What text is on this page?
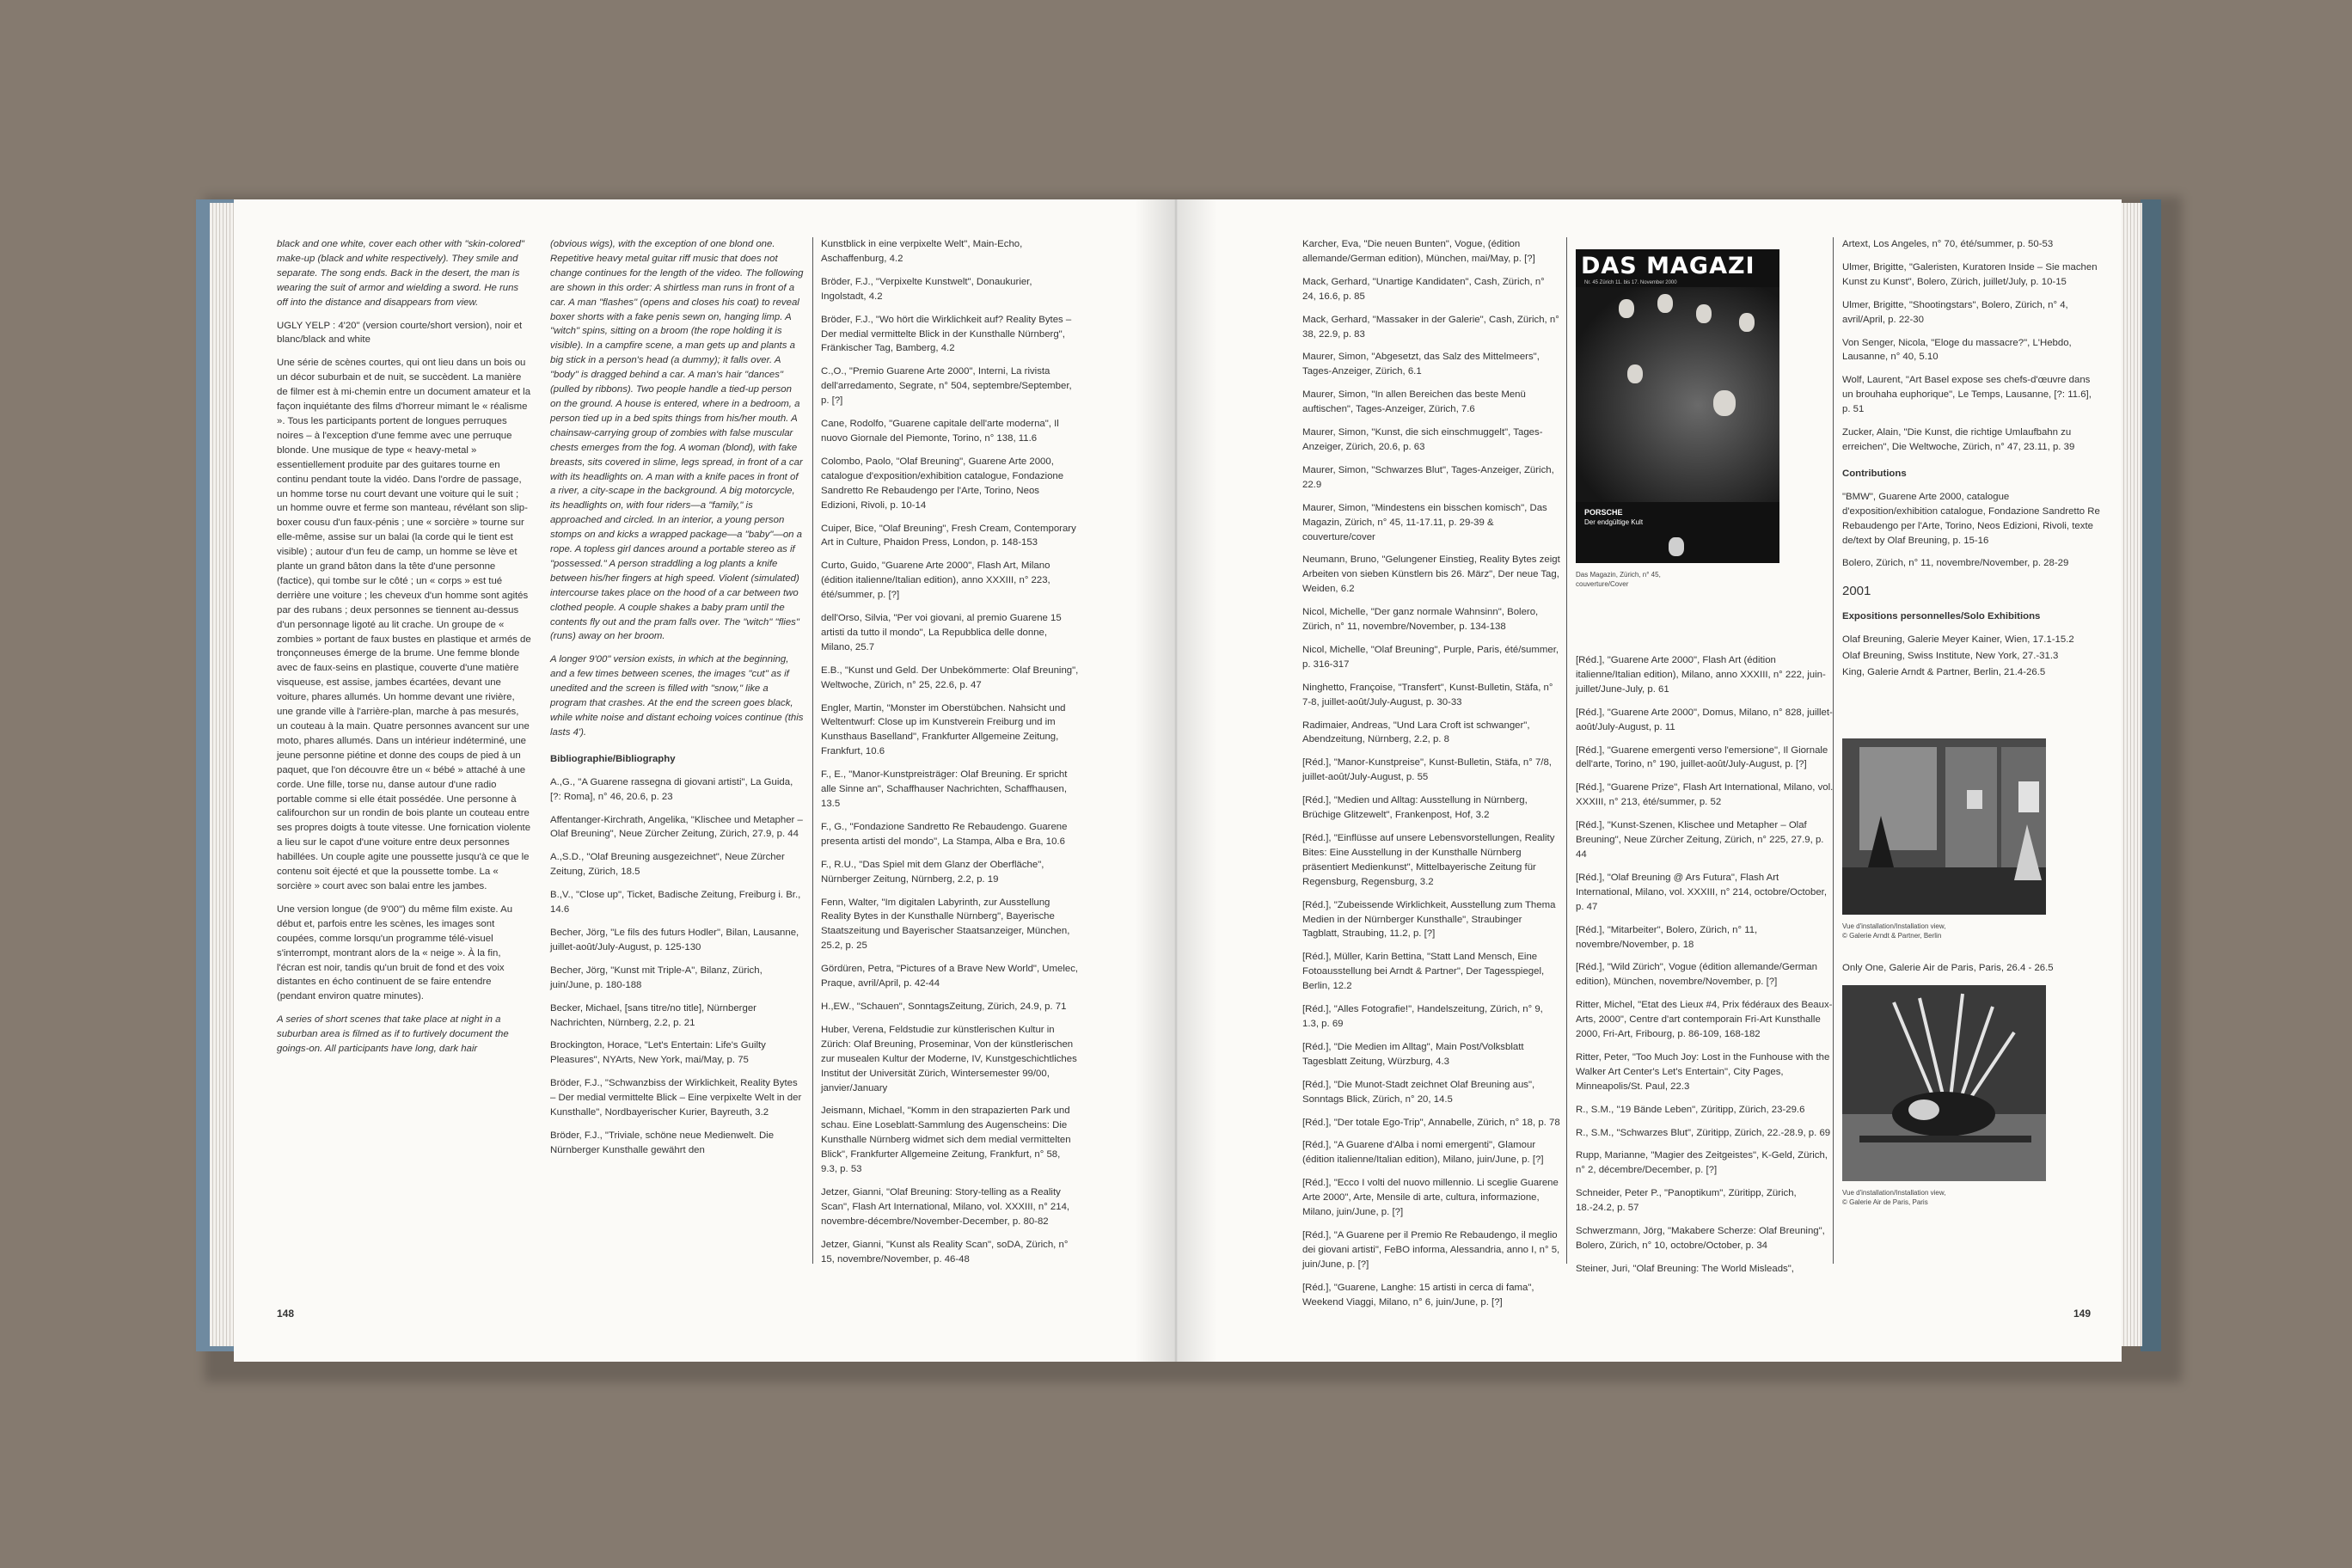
black and one white, cover each other with "skin-colored" make-up (black and white respectively). They smile and separate. The song ends. Back in the desert, the man is wearing the suit of armor and wielding a sword. He runs off into the distance and disappears from view.

UGLY YELP : 4'20" (version courte/short version), noir et blanc/black and white

Une série de scènes courtes, qui ont lieu dans un bois ou un décor suburbain et de nuit, se succèdent. La manière de filmer est à mi-chemin entre un document amateur et la façon inquiétante des films d'horreur mimant le « réalisme ». Tous les participants portent de longues perruques noires – à l'exception d'une femme avec une perruque blonde. Une musique de type « heavy-metal » essentiellement produite par des guitares tourne en continu pendant toute la vidéo. Dans l'ordre de passage, un homme torse nu court devant une voiture qui le suit ; un homme ouvre et ferme son manteau, révélant son slip-boxer cousu d'un faux-pénis ; une « sorcière » tourne sur elle-même, assise sur un balai (la corde qui le tient est visible) ; autour d'un feu de camp, un homme se lève et plante un grand bâton dans la tête d'une personne (factice), qui tombe sur le côté ; un « corps » est tué derrière une voiture ; les cheveux d'un homme sont agités par des rubans ; deux personnes se tiennent au-dessus d'un personnage ligoté au lit crache. Un groupe de « zombies » portant de faux bustes en plastique et armés de tronçonneuses émerge de la brume. Une femme blonde avec de faux-seins en plastique, couverte d'une matière visqueuse, est assise, jambes écartées, devant une voiture, phares allumés. Un homme devant une rivière, une grande ville à l'arrière-plan, marche à pas mesurés, un couteau à la main. Quatre personnes avancent sur une moto, phares allumés. Dans un intérieur indéterminé, une jeune personne piétine et donne des coups de pied à un paquet, que l'on découvre être un « bébé » attaché à une corde. Une fille, torse nu, danse autour d'une radio portable comme si elle était possédée. Une personne à califourchon sur un rondin de bois plante un couteau entre ses propres doigts à toute vitesse. Une fornication violente a lieu sur le capot d'une voiture entre deux personnes habillées. Un couple agite une poussette jusqu'à ce que le contenu soit éjecté et que la poussette tombe. La « sorcière » court avec son balai entre les jambes.

Une version longue (de 9'00") du même film existe. Au début et, parfois entre les scènes, les images sont coupées, comme lorsqu'un programme télé-visuel s'interrompt, montrant alors de la « neige ». À la fin, l'écran est noir, tandis qu'un bruit de fond et des voix distantes en écho continuent de se faire entendre (pendant environ quatre minutes).

A series of short scenes that take place at night in a suburban area is filmed as if to furtively document the goings-on. All participants have long, dark hair

(obvious wigs), with the exception of one blond one. Repetitive heavy metal guitar riff music that does not change continues for the length of the video. The following are shown in this order: A shirtless man runs in front of a car. A man "flashes" (opens and closes his coat) to reveal boxer shorts with a fake penis sewn on, hanging limp. A "witch" spins, sitting on a broom (the rope holding it is visible). In a campfire scene, a man gets up and plants a big stick in a person's head (a dummy); it falls over. A "body" is dragged behind a car. A man's hair "dances" (pulled by ribbons). Two people handle a tied-up person on the ground. A house is entered, where in a bedroom, a person tied up in a bed spits things from his/her mouth. A chainsaw-carrying group of zombies with false muscular chests emerges from the fog. A woman (blond), with fake breasts, sits covered in slime, legs spread, in front of a car with its headlights on. A man with a knife paces in front of a river, a city-scape in the background. A big motorcycle, its headlights on, with four riders—a "family," is approached and circled. In an interior, a young person stomps on and kicks a wrapped package—a "baby"—on a rope. A topless girl dances around a portable stereo as if "possessed." A person straddling a log plants a knife between his/her fingers at high speed. Violent (simulated) intercourse takes place on the hood of a car between two clothed people. A couple shakes a baby pram until the contents fly out and the pram falls over. The "witch" "flies" (runs) away on her broom.

A longer 9'00" version exists, in which at the beginning, and a few times between scenes, the images "cut" as if unedited and the screen is filled with "snow," like a program that crashes. At the end the screen goes black, while white noise and distant echoing voices continue (this lasts 4').

Bibliographie/Bibliography

A.,G., "A Guarene rassegna di giovani artisti", La Guida, [?: Roma], n° 46, 20.6, p. 23

Affentanger-Kirchrath, Angelika, "Klischee und Metapher – Olaf Breuning", Neue Zürcher Zeitung, Zürich, 27.9, p. 44

A.,S.D., "Olaf Breuning ausgezeichnet", Neue Zürcher Zeitung, Zürich, 18.5

B.,V., "Close up", Ticket, Badische Zeitung, Freiburg i. Br., 14.6

Becher, Jörg, "Le fils des futurs Hodler", Bilan, Lausanne, juillet-août/July-August, p. 125-130

Becher, Jörg, "Kunst mit Triple-A", Bilanz, Zürich, juin/June, p. 180-188

Becker, Michael, [sans titre/no title], Nürnberger Nachrichten, Nürnberg, 2.2, p. 21

Brockington, Horace, "Let's Entertain: Life's Guilty Pleasures", NYArts, New York, mai/May, p. 75

Bröder, F.J., "Schwanzbiss der Wirklichkeit, Reality Bytes – Der medial vermittelte Blick – Eine verpixelte Welt in der Kunsthalle", Nordbayerischer Kurier, Bayreuth, 3.2

Bröder, F.J., "Triviale, schöne neue Medienwelt. Die Nürnberger Kunsthalle gewährt den

Kunstblick in eine verpixelte Welt", Main-Echo, Aschaffenburg, 4.2

Bröder, F.J., "Verpixelte Kunstwelt", Donaukurier, Ingolstadt, 4.2

Bröder, F.J., "Wo hört die Wirklichkeit auf? Reality Bytes – Der medial vermittelte Blick in der Kunsthalle Nürnberg", Fränkischer Tag, Bamberg, 4.2

C.,O., "Premio Guarene Arte 2000", Interni, La rivista dell'arredamento, Segrate, n° 504, septembre/September, p. [?]

Cane, Rodolfo, "Guarene capitale dell'arte moderna", Il nuovo Giornale del Piemonte, Torino, n° 138, 11.6

Colombo, Paolo, "Olaf Breuning", Guarene Arte 2000, catalogue d'exposition/exhibition catalogue, Fondazione Sandretto Re Rebaudengo per l'Arte, Torino, Neos Edizioni, Rivoli, p. 10-14

Cuiper, Bice, "Olaf Breuning", Fresh Cream, Contemporary Art in Culture, Phaidon Press, London, p. 148-153

Curto, Guido, "Guarene Arte 2000", Flash Art, Milano (édition italienne/Italian edition), anno XXXIII, n° 223, été/summer, p. [?]

dell'Orso, Silvia, "Per voi giovani, al premio Guarene 15 artisti da tutto il mondo", La Repubblica delle donne, Milano, 25.7

E.B., "Kunst und Geld. Der Unbekömmerte: Olaf Breuning", Weltwoche, Zürich, n° 25, 22.6, p. 47

Engler, Martin, "Monster im Oberstübchen. Nahsicht und Weltentwurf: Close up im Kunstverein Freiburg und im Kunsthaus Baselland", Frankfurter Allgemeine Zeitung, Frankfurt, 10.6

F., E., "Manor-Kunstpreisträger: Olaf Breuning. Er spricht alle Sinne an", Schaffhauser Nachrichten, Schaffhausen, 13.5

F., G., "Fondazione Sandretto Re Rebaudengo. Guarene presenta artisti del mondo", La Stampa, Alba e Bra, 10.6

F., R.U., "Das Spiel mit dem Glanz der Oberfläche", Nürnberger Zeitung, Nürnberg, 2.2, p. 19

Fenn, Walter, "Im digitalen Labyrinth, zur Ausstellung Reality Bytes in der Kunsthalle Nürnberg", Bayerische Staatszeitung und Bayerischer Staatsanzeiger, München, 25.2, p. 25

Gördüren, Petra, "Pictures of a Brave New World", Umelec, Praque, avril/April, p. 42-44

H.,EW., "Schauen", SonntagsZeitung, Zürich, 24.9, p. 71

Huber, Verena, Feldstudie zur künstlerischen Kultur in Zürich: Olaf Breuning, Proseminar, Von der künstlerischen zur musealen Kultur der Moderne, IV, Kunstgeschichtliches Institut der Universität Zürich, Wintersemester 99/00, janvier/January

Jeismann, Michael, "Komm in den strapazierten Park und schau. Eine Loseblatt-Sammlung des Augenscheins: Die Kunsthalle Nürnberg widmet sich dem medial vermittelten Blick", Frankfurter Allgemeine Zeitung, Frankfurt, n° 58, 9.3, p. 53

Jetzer, Gianni, "Olaf Breuning: Story-telling as a Reality Scan", Flash Art International, Milano, vol. XXXIII, n° 214, novembre-décembre/November-December, p. 80-82

Jetzer, Gianni, "Kunst als Reality Scan", soDA, Zürich, n° 15, novembre/November, p. 46-48

148

Karcher, Eva, "Die neuen Bunten", Vogue, (édition allemande/German edition), München, mai/May, p. [?]

Mack, Gerhard, "Unartige Kandidaten", Cash, Zürich, n° 24, 16.6, p. 85

Mack, Gerhard, "Massaker in der Galerie", Cash, Zürich, n° 38, 22.9, p. 83

Maurer, Simon, "Abgesetzt, das Salz des Mittelmeers", Tages-Anzeiger, Zürich, 6.1

Maurer, Simon, "In allen Bereichen das beste Menü auftischen", Tages-Anzeiger, Zürich, 7.6

Maurer, Simon, "Kunst, die sich einschmuggelt", Tages-Anzeiger, Zürich, 20.6, p. 63

Maurer, Simon, "Schwarzes Blut", Tages-Anzeiger, Zürich, 22.9

Maurer, Simon, "Mindestens ein bisschen komisch", Das Magazin, Zürich, n° 45, 11-17.11, p. 29-39 & couverture/cover

Neumann, Bruno, "Gelungener Einstieg, Reality Bytes zeigt Arbeiten von sieben Künstlern bis 26. März", Der neue Tag, Weiden, 6.2

Nicol, Michelle, "Der ganz normale Wahnsinn", Bolero, Zürich, n° 11, novembre/November, p. 134-138

Nicol, Michelle, "Olaf Breuning", Purple, Paris, été/summer, p. 316-317

Ninghetto, Françoise, "Transfert", Kunst-Bulletin, Stäfa, n° 7-8, juillet-août/July-August, p. 30-33

Radimaier, Andreas, "Und Lara Croft ist schwanger", Abendzeitung, Nürnberg, 2.2, p. 8

[Réd.], "Manor-Kunstpreise", Kunst-Bulletin, Stäfa, n° 7/8, juillet-août/July-August, p. 55

[Réd.], "Medien und Alltag: Ausstellung in Nürnberg, Brüchige Glitzewelt", Frankenpost, Hof, 3.2

[Réd.], "Einflüsse auf unsere Lebensvorstellungen, Reality Bites: Eine Ausstellung in der Kunsthalle Nürnberg präsentiert Medienkunst", Mittelbayerische Zeitung für Regensburg, Regensburg, 3.2

[Réd.], "Zubeissende Wirklichkeit, Ausstellung zum Thema Medien in der Nürnberger Kunsthalle", Straubinger Tagblatt, Straubing, 11.2, p. [?]

[Réd.], Müller, Karin Bettina, "Statt Land Mensch, Eine Fotoausstellung bei Arndt & Partner", Der Tagesspiegel, Berlin, 12.2

[Réd.], "Alles Fotografie!", Handelszeitung, Zürich, n° 9, 1.3, p. 69

[Réd.], "Die Medien im Alltag", Main Post/Volksblatt Tagesblatt Zeitung, Würzburg, 4.3

[Réd.], "Die Munot-Stadt zeichnet Olaf Breuning aus", Sonntags Blick, Zürich, n° 20, 14.5

[Réd.], "Der totale Ego-Trip", Annabelle, Zürich, n° 18, p. 78

[Réd.], "A Guarene d'Alba i nomi emergenti", Glamour (édition italienne/Italian edition), Milano, juin/June, p. [?]

[Réd.], "Ecco I volti del nuovo millennio. Li sceglie Guarene Arte 2000", Arte, Mensile di arte, cultura, informazione, Milano, juin/June, p. [?]

[Réd.], "A Guarene per il Premio Re Rebaudengo, il meglio dei giovani artisti", FeBO informa, Alessandria, anno I, n° 5, juin/June, p. [?]

[Réd.], "Guarene, Langhe: 15 artisti in cerca di fama", Weekend Viaggi, Milano, n° 6, juin/June, p. [?]

DAS MAGAZI
Nr. 45 Zürich 11. bis 17. November 2000
PORSCHE
Der endgültige Kult
Das Magazin, Zürich, n° 45,
couverture/Cover

[Réd.], "Guarene Arte 2000", Flash Art (édition italienne/Italian edition), Milano, anno XXXIII, n° 222, juin-juillet/June-July, p. 61

[Réd.], "Guarene Arte 2000", Domus, Milano, n° 828, juillet-août/July-August, p. 11

[Réd.], "Guarene emergenti verso l'emersione", Il Giornale dell'arte, Torino, n° 190, juillet-août/July-August, p. [?]

[Réd.], "Guarene Prize", Flash Art International, Milano, vol. XXXIII, n° 213, été/summer, p. 52

[Réd.], "Kunst-Szenen, Klischee und Metapher – Olaf Breuning", Neue Zürcher Zeitung, Zürich, n° 225, 27.9, p. 44

[Réd.], "Olaf Breuning @ Ars Futura", Flash Art International, Milano, vol. XXXIII, n° 214, octobre/October, p. 47

[Réd.], "Mitarbeiter", Bolero, Zürich, n° 11, novembre/November, p. 18

[Réd.], "Wild Zürich", Vogue (édition allemande/German edition), München, novembre/November, p. [?]

Ritter, Michel, "Etat des Lieux #4, Prix fédéraux des Beaux-Arts, 2000", Centre d'art contemporain Fri-Art Kunsthalle 2000, Fri-Art, Fribourg, p. 86-109, 168-182

Ritter, Peter, "Too Much Joy: Lost in the Funhouse with the Walker Art Center's Let's Entertain", City Pages, Minneapolis/St. Paul, 22.3

R., S.M., "19 Bände Leben", Züritipp, Zürich, 23-29.6

R., S.M., "Schwarzes Blut", Züritipp, Zürich, 22.-28.9, p. 69

Rupp, Marianne, "Magier des Zeitgeistes", K-Geld, Zürich, n° 2, décembre/December, p. [?]

Schneider, Peter P., "Panoptikum", Züritipp, Zürich, 18.-24.2, p. 57

Schwerzmann, Jörg, "Makabere Scherze: Olaf Breuning", Bolero, Zürich, n° 10, octobre/October, p. 34

Steiner, Juri, "Olaf Breuning: The World Misleads",

Artext, Los Angeles, n° 70, été/summer, p. 50-53

Ulmer, Brigitte, "Galeristen, Kuratoren Inside – Sie machen Kunst zu Kunst", Bolero, Zürich, juillet/July, p. 10-15

Ulmer, Brigitte, "Shootingstars", Bolero, Zürich, n° 4, avril/April, p. 22-30

Von Senger, Nicola, "Eloge du massacre?", L'Hebdo, Lausanne, n° 40, 5.10

Wolf, Laurent, "Art Basel expose ses chefs-d'œuvre dans un brouhaha euphorique", Le Temps, Lausanne, [?: 11.6], p. 51

Zucker, Alain, "Die Kunst, die richtige Umlaufbahn zu erreichen", Die Weltwoche, Zürich, n° 47, 23.11, p. 39

Contributions

"BMW", Guarene Arte 2000, catalogue d'exposition/exhibition catalogue, Fondazione Sandretto Re Rebaudengo per l'Arte, Torino, Neos Edizioni, Rivoli, texte de/text by Olaf Breuning, p. 15-16

Bolero, Zürich, n° 11, novembre/November, p. 28-29

2001

Expositions personnelles/Solo Exhibitions

Olaf Breuning, Galerie Meyer Kainer, Wien, 17.1-15.2

Olaf Breuning, Swiss Institute, New York, 27.-31.3

King, Galerie Arndt & Partner, Berlin, 21.4-26.5

Vue d'installation/Installation view,
© Galerie Arndt & Partner, Berlin

Only One, Galerie Air de Paris, Paris, 26.4 - 26.5

Vue d'installation/Installation view,
© Galerie Air de Paris, Paris
149
